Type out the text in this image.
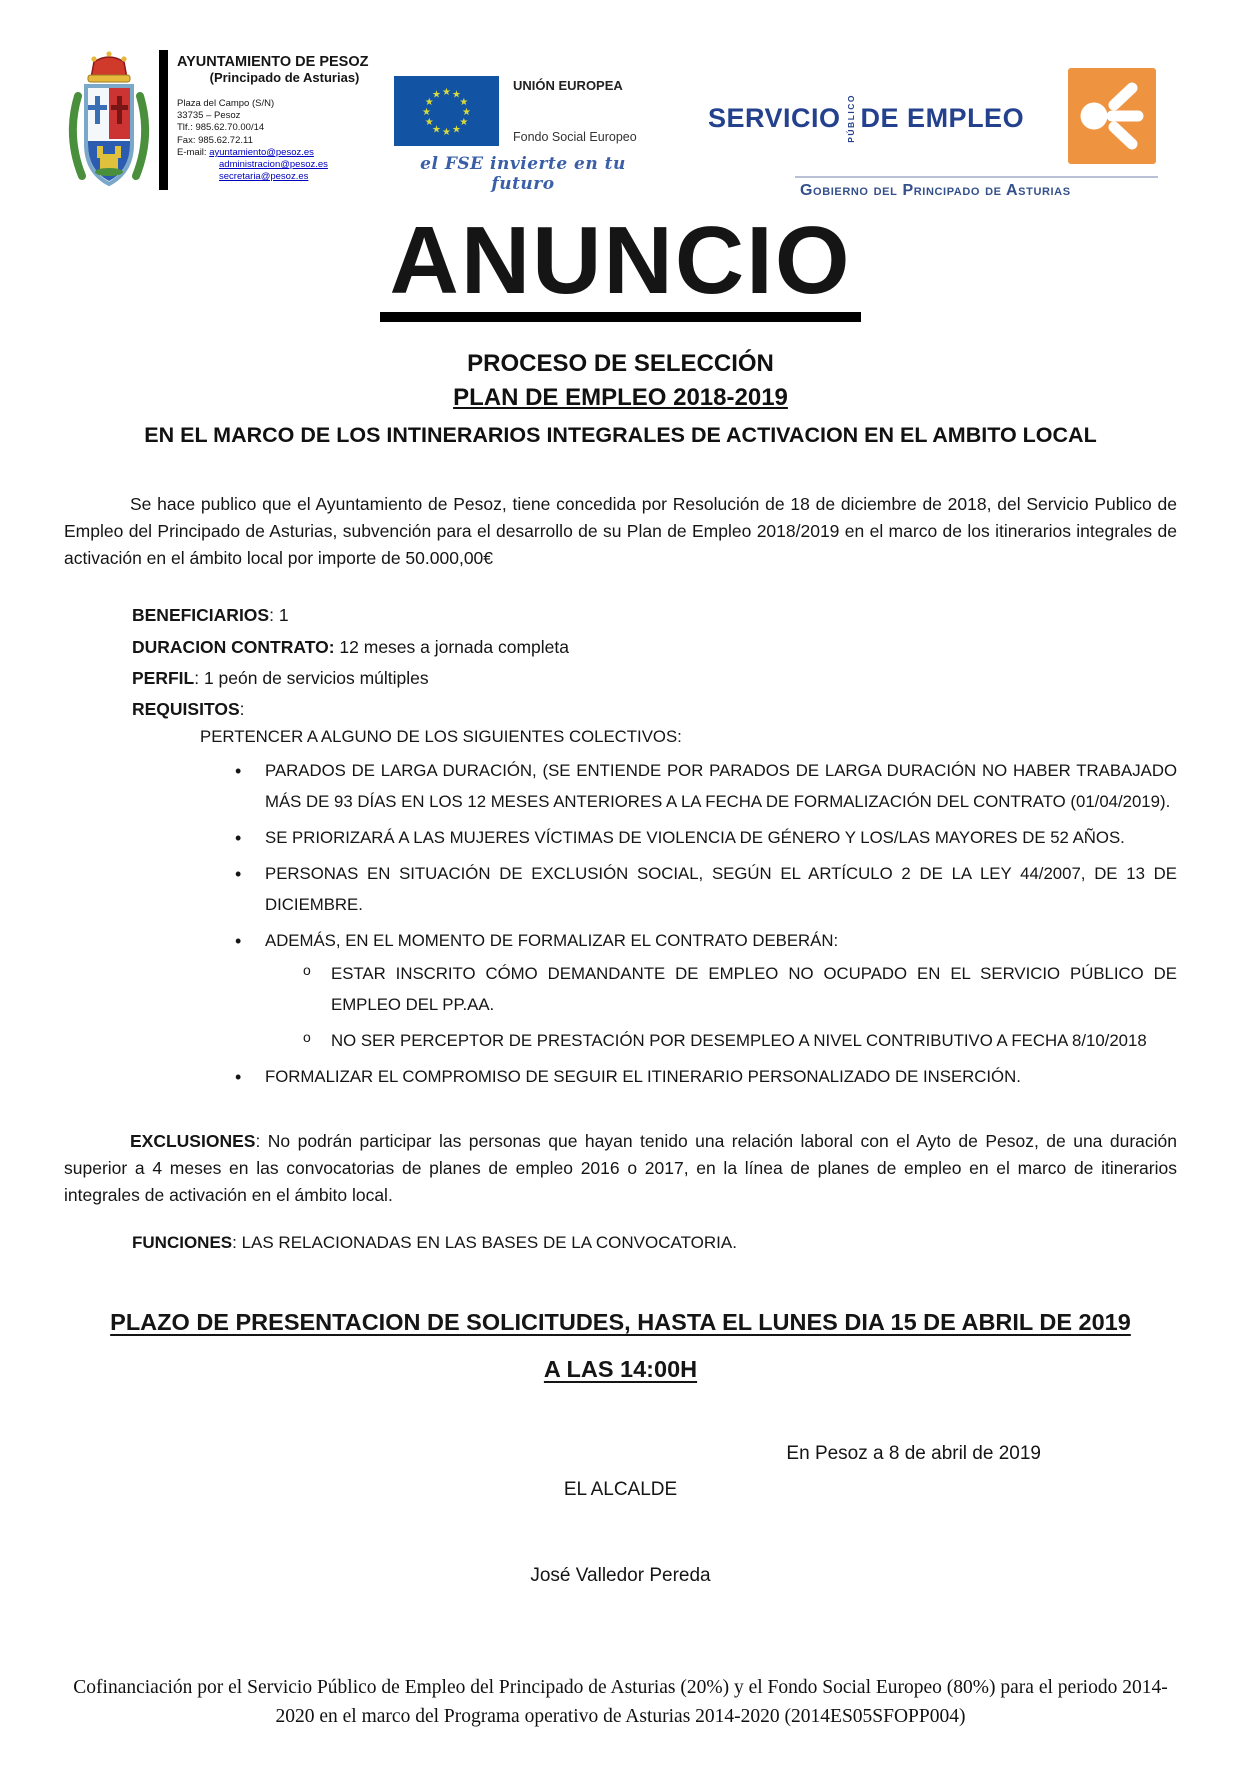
AYUNTAMIENTO DE PESOZ
(Principado de Asturias)
Plaza del Campo (S/N)
33735 – Pesoz
Tlf.: 985.62.70.00/14
Fax: 985.62.72.11
E-mail: ayuntamiento@pesoz.es
administracion@pesoz.es
secretaria@pesoz.es
★ ★
★
★
★
★
★
★
★
★
★
★
UNIÓN EUROPEA
Fondo Social Europeo
el FSE invierte en tu futuro
SERVICIO PÚBLICO DE EMPLEO
Gobierno del Principado de Asturias
ANUNCIO
PROCESO DE SELECCIÓN
PLAN DE EMPLEO 2018-2019
EN EL MARCO DE LOS INTINERARIOS INTEGRALES DE ACTIVACION EN EL AMBITO LOCAL

Se hace publico que el Ayuntamiento de Pesoz, tiene concedida por Resolución de 18 de diciembre de 2018, del Servicio Publico de Empleo del Principado de Asturias, subvención para el desarrollo de su Plan de Empleo 2018/2019 en el marco de los itinerarios integrales de activación en el ámbito local por importe de 50.000,00€

BENEFICIARIOS: 1
DURACION CONTRATO: 12 meses a jornada completa
PERFIL: 1 peón de servicios múltiples
REQUISITOS:
PERTENCER A ALGUNO DE LOS SIGUIENTES COLECTIVOS:
• PARADOS DE LARGA DURACIÓN, (SE ENTIENDE POR PARADOS DE LARGA DURACIÓN NO HABER TRABAJADO MÁS DE 93 DÍAS EN LOS 12 MESES ANTERIORES A LA FECHA DE FORMALIZACIÓN DEL CONTRATO (01/04/2019).
• SE PRIORIZARÁ A LAS MUJERES VÍCTIMAS DE VIOLENCIA DE GÉNERO Y LOS/LAS MAYORES DE 52 AÑOS.
• PERSONAS EN SITUACIÓN DE EXCLUSIÓN SOCIAL, SEGÚN EL ARTÍCULO 2 DE LA LEY 44/2007, DE 13 DE DICIEMBRE.
• ADEMÁS, EN EL MOMENTO DE FORMALIZAR EL CONTRATO DEBERÁN:
o ESTAR INSCRITO CÓMO DEMANDANTE DE EMPLEO NO OCUPADO EN EL SERVICIO PÚBLICO DE EMPLEO DEL PP.AA.
o NO SER PERCEPTOR DE PRESTACIÓN POR DESEMPLEO A NIVEL CONTRIBUTIVO A FECHA 8/10/2018
• FORMALIZAR EL COMPROMISO DE SEGUIR EL ITINERARIO PERSONALIZADO DE INSERCIÓN.

EXCLUSIONES: No podrán participar las personas que hayan tenido una relación laboral con el Ayto de Pesoz, de una duración superior a 4 meses en las convocatorias de planes de empleo 2016 o 2017, en la línea de planes de empleo en el marco de itinerarios integrales de activación en el ámbito local.

FUNCIONES: LAS RELACIONADAS EN LAS BASES DE LA CONVOCATORIA.

PLAZO DE PRESENTACION DE SOLICITUDES, HASTA EL LUNES DIA 15 DE ABRIL DE 2019 A LAS 14:00H
En Pesoz a 8 de abril de 2019
EL ALCALDE
José Valledor Pereda

Cofinanciación por el Servicio Público de Empleo del Principado de Asturias (20%) y el Fondo Social Europeo (80%) para el periodo 2014-2020 en el marco del Programa operativo de Asturias 2014-2020 (2014ES05SFOPP004)
